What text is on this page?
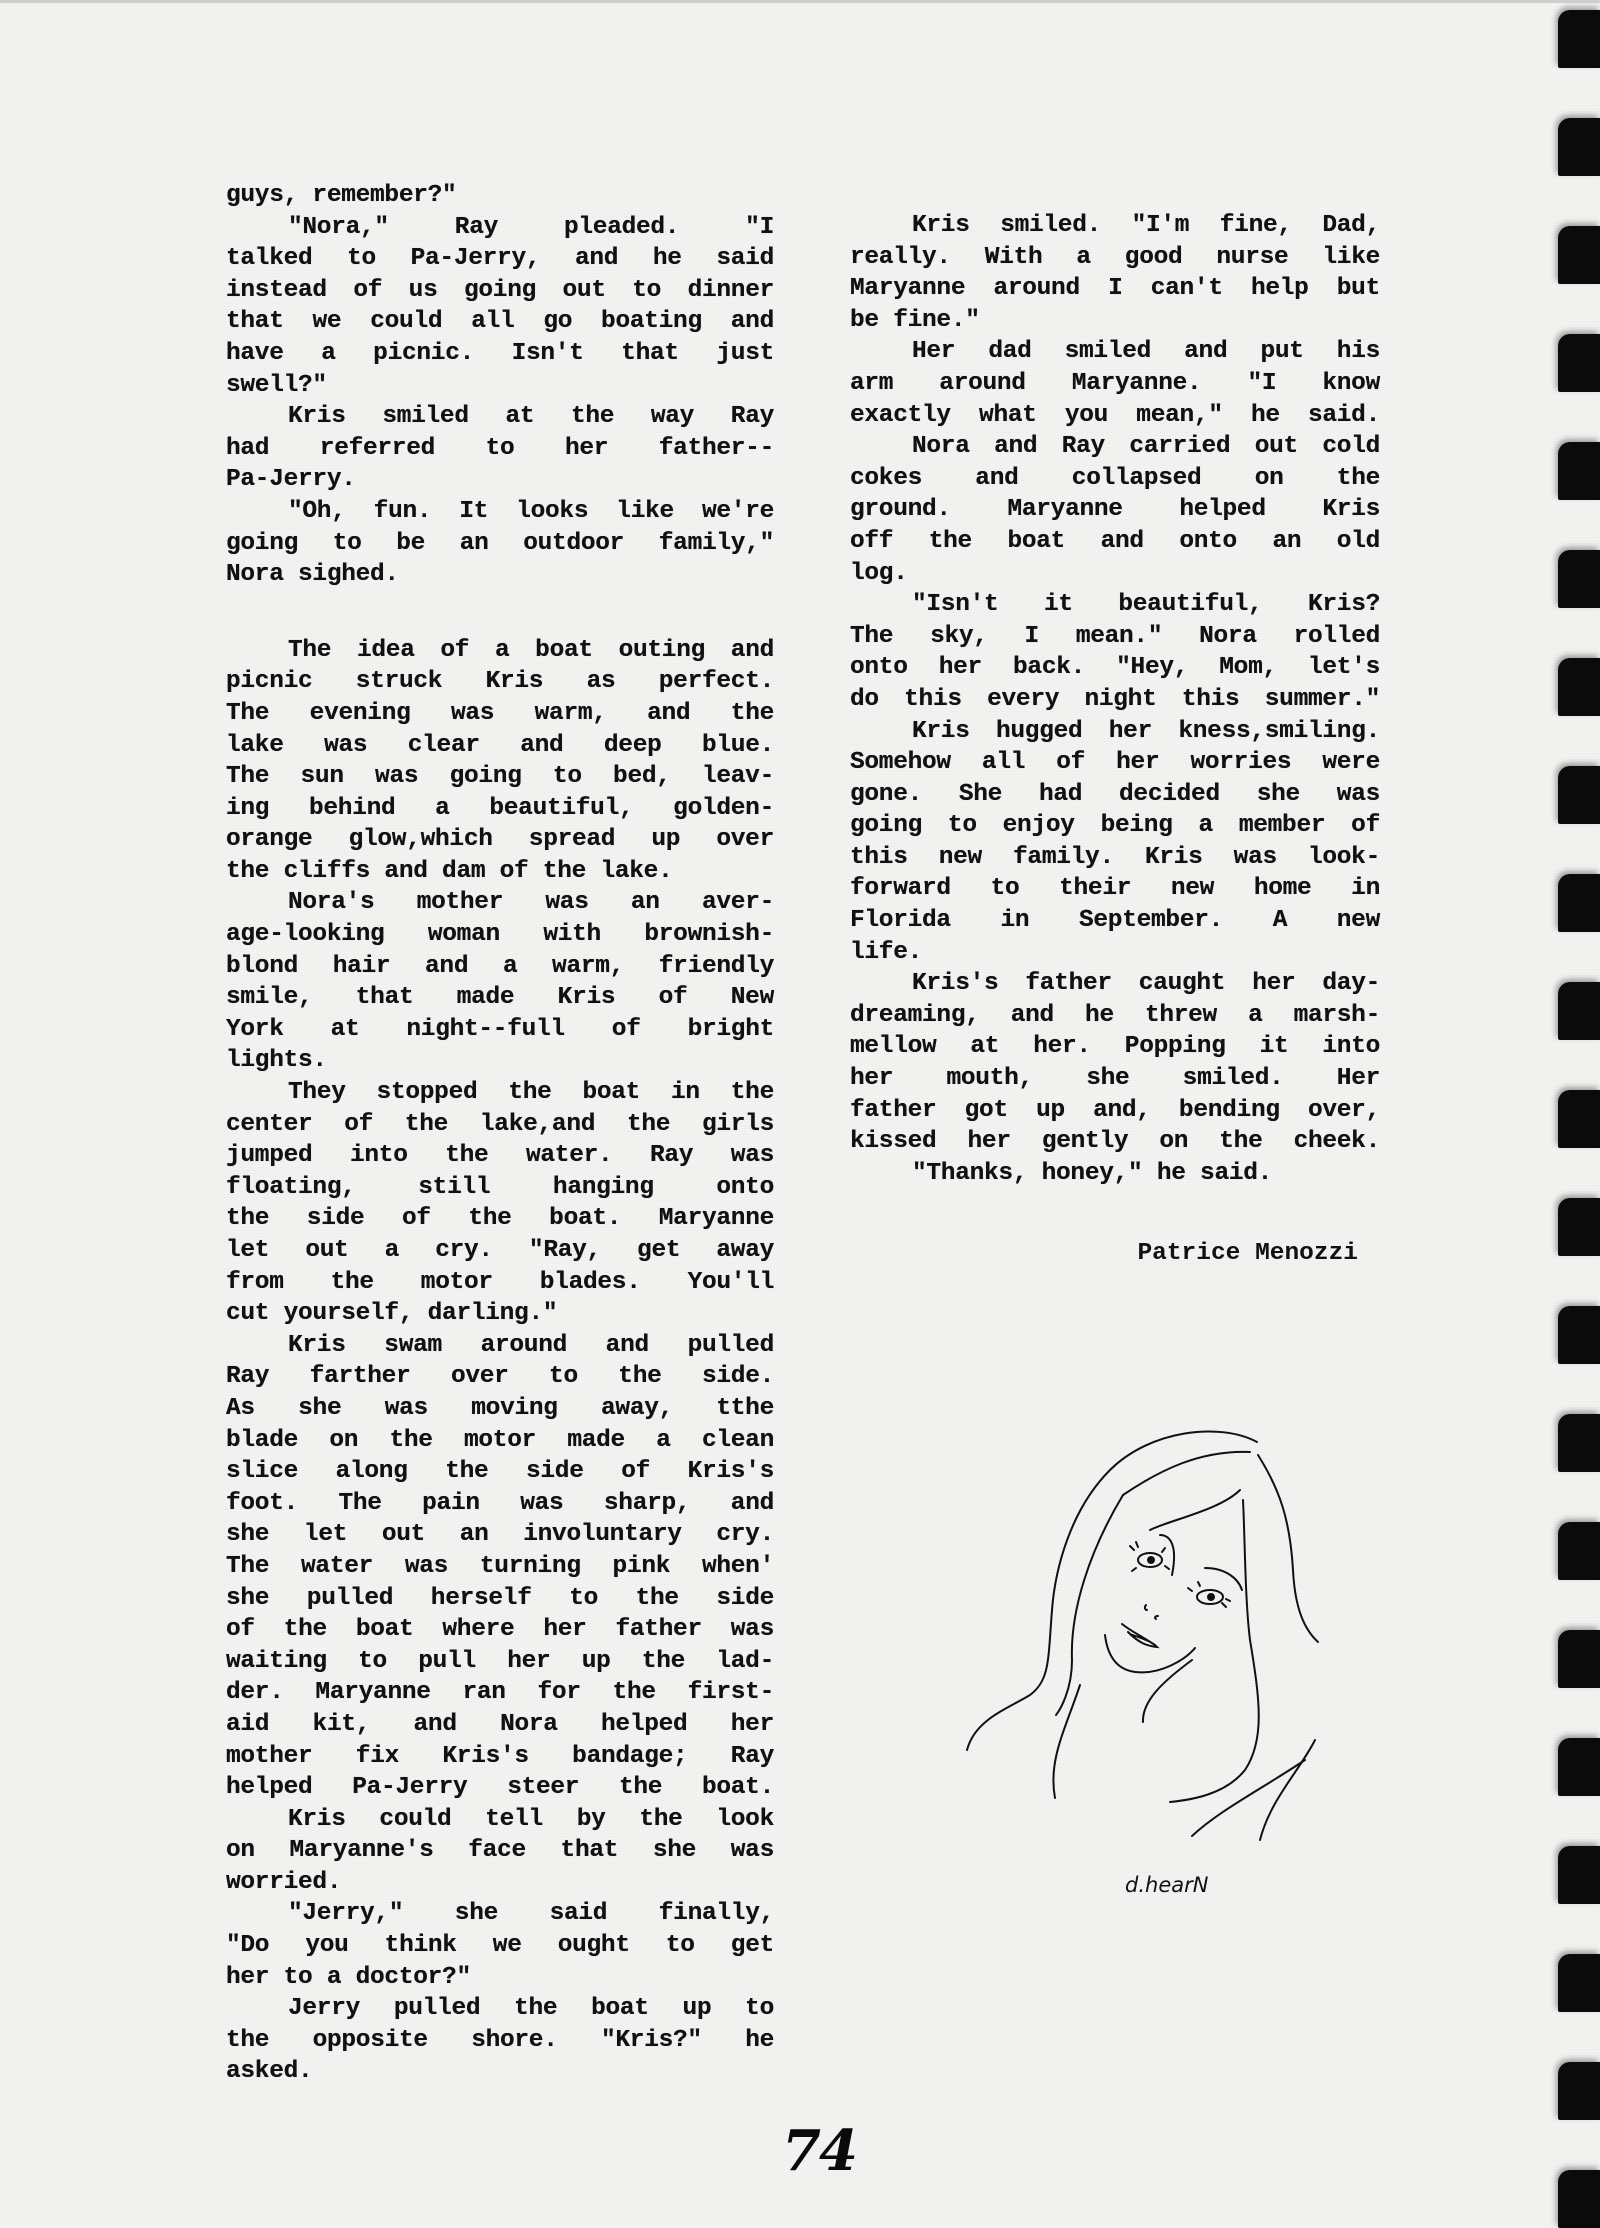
guys, remember?"
"Nora," Ray pleaded. "I
talked to Pa-Jerry, and he said
instead of us going out to dinner
that we could all go boating and
have a picnic. Isn't that just
swell?"
Kris smiled at the way Ray
had referred to her father--
Pa-Jerry.
"Oh, fun. It looks like we're
going to be an outdoor family,"
Nora sighed.
The idea of a boat outing and
picnic struck Kris as perfect.
The evening was warm, and the
lake was clear and deep blue.
The sun was going to bed, leav-
ing behind a beautiful, golden-
orange glow,which spread up over
the cliffs and dam of the lake.
Nora's mother was an aver-
age-looking woman with brownish-
blond hair and a warm, friendly
smile, that made Kris of New
York at night--full of bright
lights.
They stopped the boat in the
center of the lake,and the girls
jumped into the water. Ray was
floating, still hanging onto
the side of the boat. Maryanne
let out a cry. "Ray, get away
from the motor blades. You'll
cut yourself, darling."
Kris swam around and pulled
Ray farther over to the side.
As she was moving away, tthe
blade on the motor made a clean
slice along the side of Kris's
foot. The pain was sharp, and
she let out an involuntary cry.
The water was turning pink when'
she pulled herself to the side
of the boat where her father was
waiting to pull her up the lad-
der. Maryanne ran for the first-
aid kit, and Nora helped her
mother fix Kris's bandage; Ray
helped Pa-Jerry steer the boat.
Kris could tell by the look
on Maryanne's face that she was
worried.
"Jerry," she said finally,
"Do you think we ought to get
her to a doctor?"
Jerry pulled the boat up to
the opposite shore. "Kris?" he
asked.
Kris smiled. "I'm fine, Dad,
really. With a good nurse like
Maryanne around I can't help but
be fine."
Her dad smiled and put his
arm around Maryanne. "I know
exactly what you mean," he said.
Nora and Ray carried out cold
cokes and collapsed on the
ground. Maryanne helped Kris
off the boat and onto an old
log.
"Isn't it beautiful, Kris?
The sky, I mean." Nora rolled
onto her back. "Hey, Mom, let's
do this every night this summer."
Kris hugged her kness,smiling.
Somehow all of her worries were
gone. She had decided she was
going to enjoy being a member of
this new family. Kris was look-
forward to their new home in
Florida in September. A new
life.
Kris's father caught her day-
dreaming, and he threw a marsh-
mellow at her. Popping it into
her mouth, she smiled. Her
father got up and, bending over,
kissed her gently on the cheek.
"Thanks, honey," he said.
Patrice Menozzi
d.hearN
74
